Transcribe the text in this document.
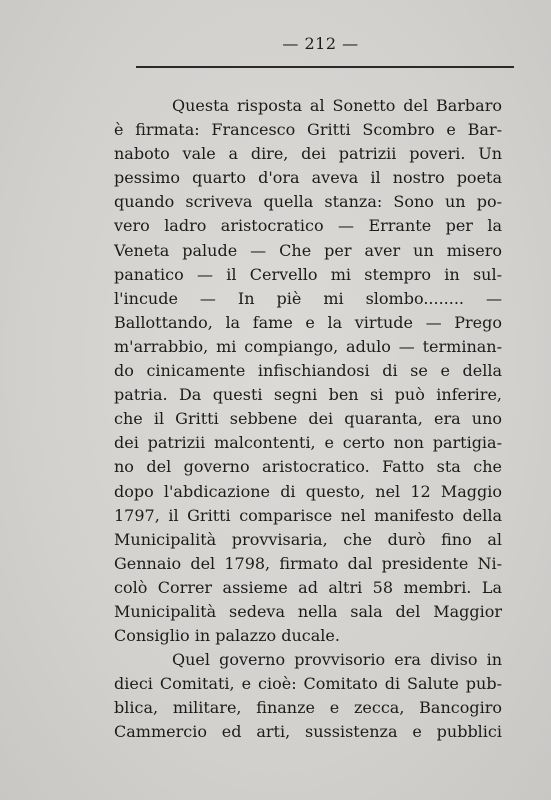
— 212 —
Questa risposta al Sonetto del Barbaro
è firmata: Francesco Gritti Scombro e Bar-
naboto vale a dire, dei patrizii poveri. Un
pessimo quarto d'ora aveva il nostro poeta
quando scriveva quella stanza: Sono un po-
vero ladro aristocratico — Errante per la
Veneta palude — Che per aver un misero
panatico — il Cervello mi stempro in sul-
l'incude — In piè mi slombo........ —
Ballottando, la fame e la virtude — Prego
m'arrabbio, mi compiango, adulo — terminan-
do cinicamente infischiandosi di se e della
patria. Da questi segni ben si può inferire,
che il Gritti sebbene dei quaranta, era uno
dei patrizii malcontenti, e certo non partigia-
no del governo aristocratico. Fatto sta che
dopo l'abdicazione di questo, nel 12 Maggio
1797, il Gritti comparisce nel manifesto della
Municipalità provvisaria, che durò fino al
Gennaio del 1798, firmato dal presidente Ni-
colò Correr assieme ad altri 58 membri. La
Municipalità sedeva nella sala del Maggior
Consiglio in palazzo ducale.
Quel governo provvisorio era diviso in
dieci Comitati, e cioè: Comitato di Salute pub-
blica, militare, finanze e zecca, Bancogiro
Cammercio ed arti, sussistenza e pubblici
